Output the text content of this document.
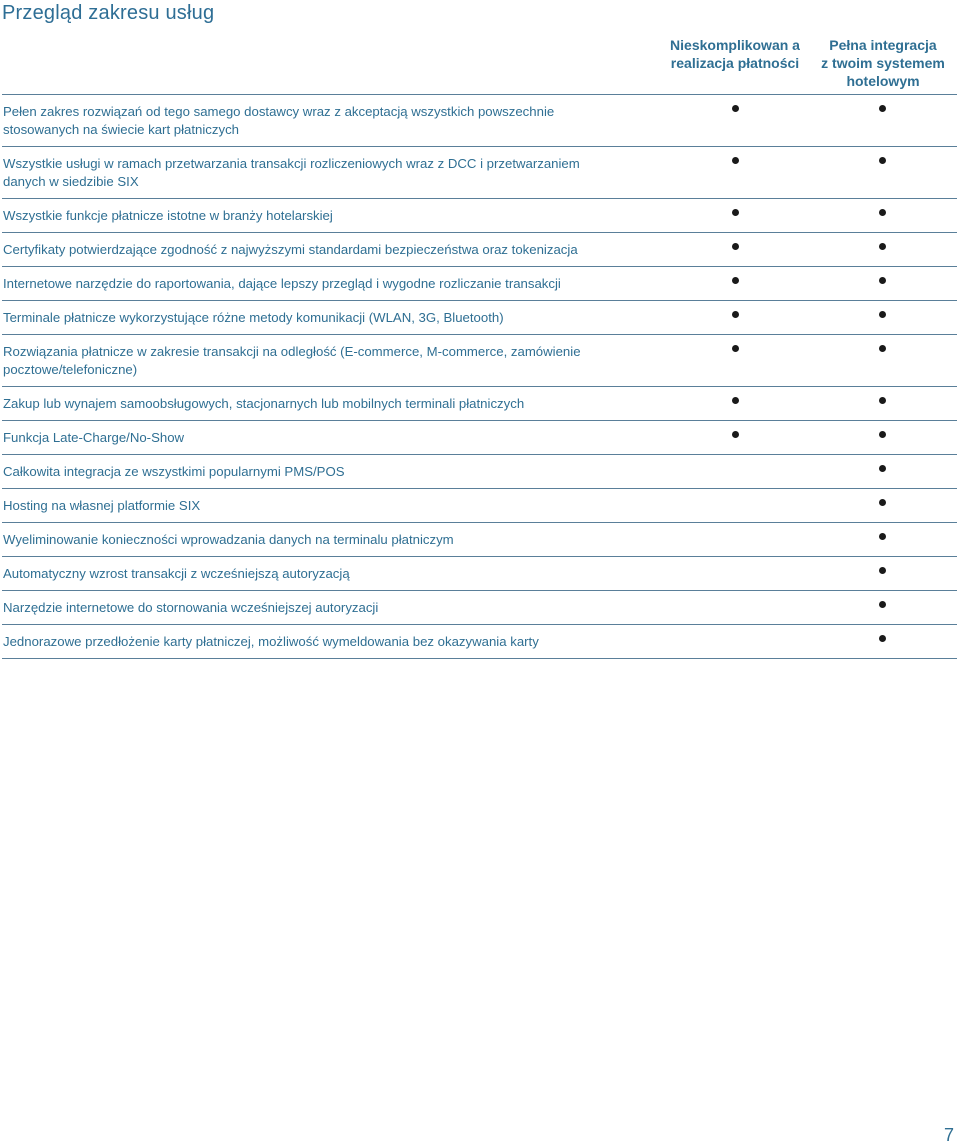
Przegląd zakresu usług
Nieskomplikowan a
realizacja płatności
Pełna integracja
z twoim systemem
hotelowym
Pełen zakres rozwiązań od tego samego dostawcy wraz z akceptacją wszystkich powszechnie stosowanych na świecie kart płatniczych
Wszystkie usługi w ramach przetwarzania transakcji rozliczeniowych wraz z DCC i przetwarzaniem danych w siedzibie SIX
Wszystkie funkcje płatnicze istotne w branży hotelarskiej
Certyfikaty potwierdzające zgodność z najwyższymi standardami bezpieczeństwa oraz tokenizacja
Internetowe narzędzie do raportowania, dające lepszy przegląd i wygodne rozliczanie transakcji
Terminale płatnicze wykorzystujące różne metody komunikacji (WLAN, 3G, Bluetooth)
Rozwiązania płatnicze w zakresie transakcji na odległość (E-commerce, M-commerce, zamówienie pocztowe/telefoniczne)
Zakup lub wynajem samoobsługowych, stacjonarnych lub mobilnych terminali płatniczych
Funkcja Late-Charge/No-Show
Całkowita integracja ze wszystkimi popularnymi PMS/POS
Hosting na własnej platformie SIX
Wyeliminowanie konieczności wprowadzania danych na terminalu płatniczym
Automatyczny wzrost transakcji z wcześniejszą autoryzacją
Narzędzie internetowe do stornowania wcześniejszej autoryzacji
Jednorazowe przedłożenie karty płatniczej, możliwość wymeldowania bez okazywania karty
7
